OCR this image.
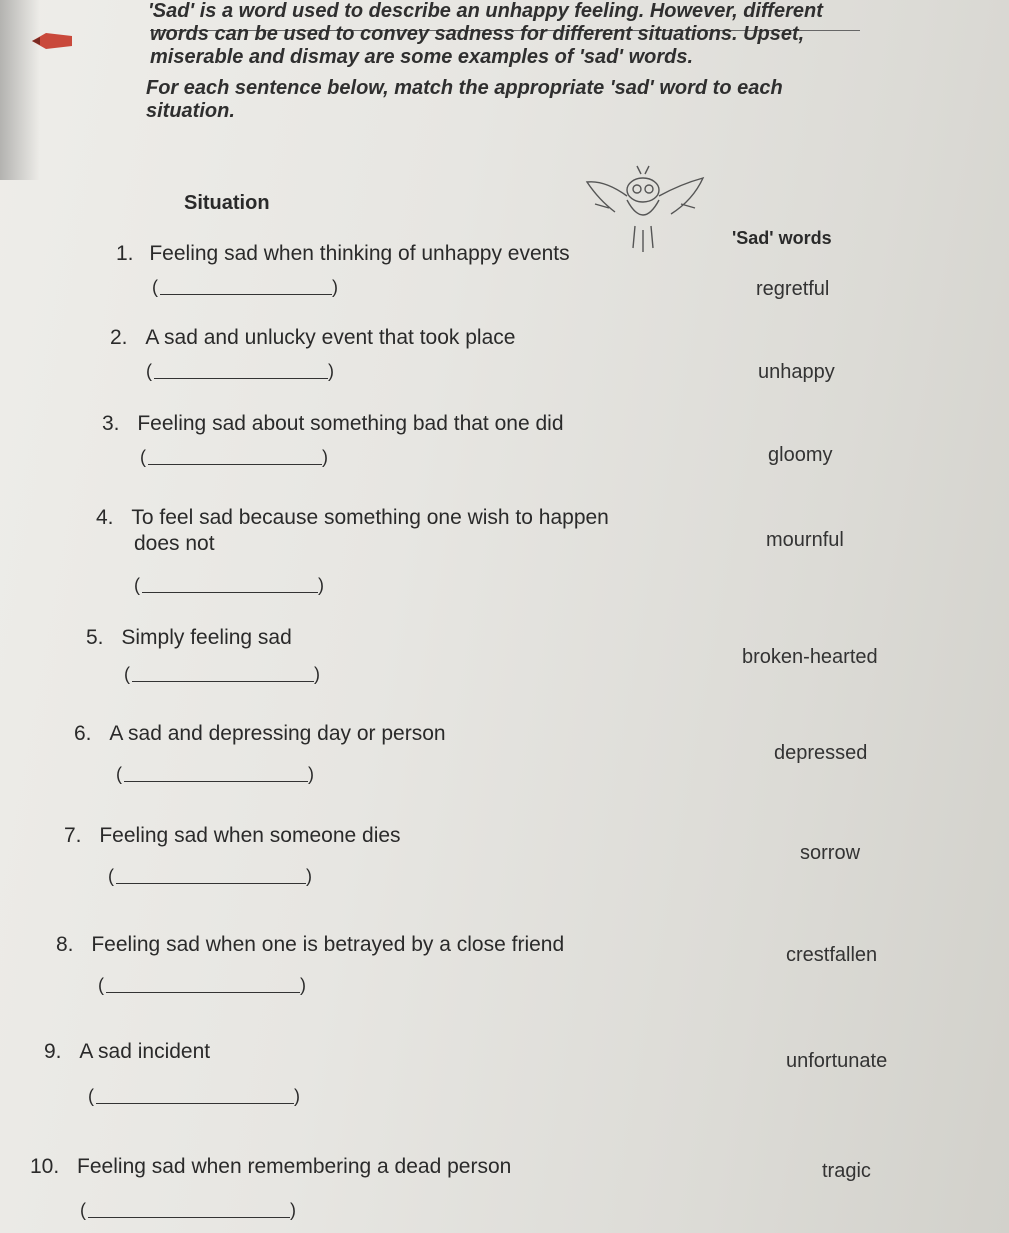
'Sad' is a word used to describe an unhappy feeling. However, different words can be used to convey sadness for different situations. Upset, miserable and dismay are some examples of 'sad' words.

For each sentence below, match the appropriate 'sad' word to each situation.

Situation
'Sad' words
1. Feeling sad when thinking of unhappy events
(	)
2. A sad and unlucky event that took place
(	)
3. Feeling sad about something bad that one did
(	)
4. To feel sad because something one wish to happen
does not
(	)
5. Simply feeling sad
(	)
6. A sad and depressing day or person
(	)
7. Feeling sad when someone dies
(	)
8. Feeling sad when one is betrayed by a close friend
(	)
9. A sad incident
(	)
10. Feeling sad when remembering a dead person
(	)
regretful
unhappy
gloomy
mournful
broken-hearted
depressed
sorrow
crestfallen
unfortunate
tragic
